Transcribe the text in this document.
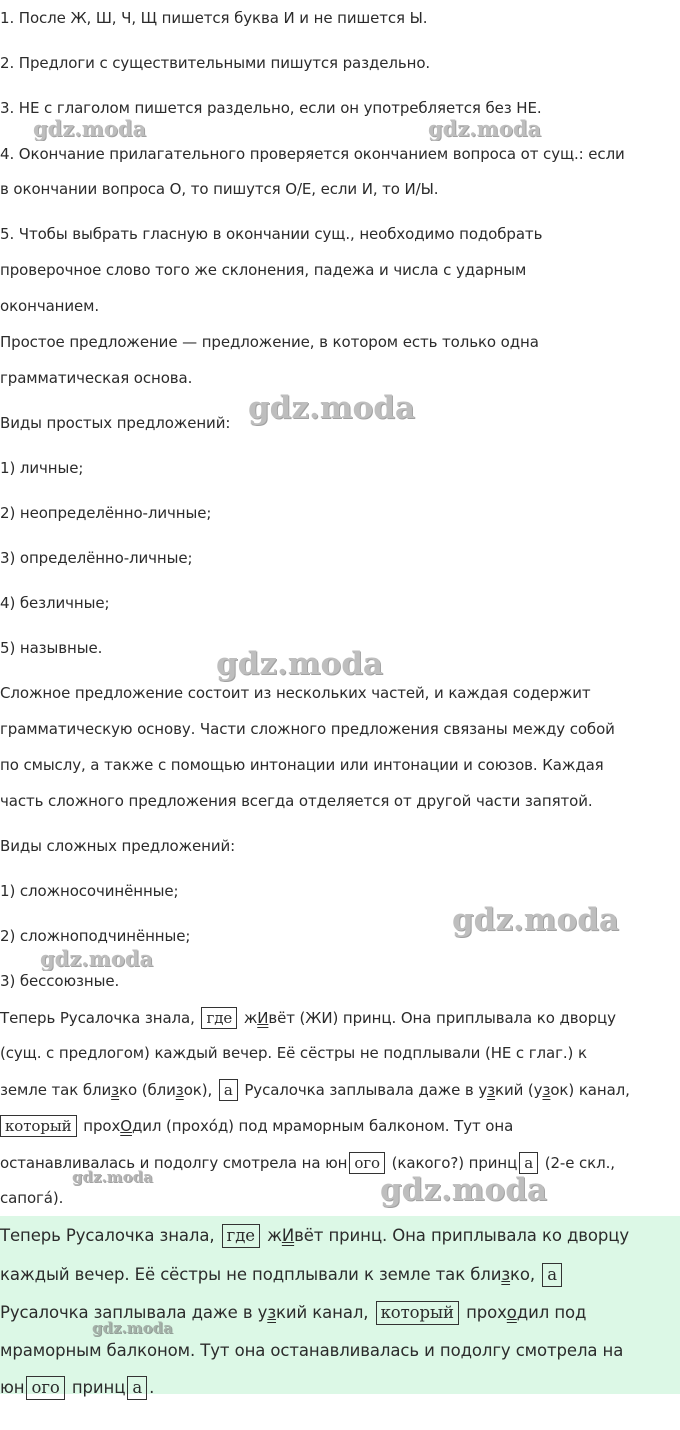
1. После Ж, Ш, Ч, Щ пишется буква И и не пишется Ы.
2. Предлоги с существительными пишутся раздельно.
3. НЕ с глаголом пишется раздельно, если он употребляется без НЕ.
4. Окончание прилагательного проверяется окончанием вопроса от сущ.: если
в окончании вопроса О, то пишутся О/Е, если И, то И/Ы.
5. Чтобы выбрать гласную в окончании сущ., необходимо подобрать
проверочное слово того же склонения, падежа и числа с ударным
окончанием.
Простое предложение — предложение, в котором есть только одна
грамматическая основа.
Виды простых предложений:
1) личные;
2) неопределённо-личные;
3) определённо-личные;
4) безличные;
5) назывные.
Сложное предложение состоит из нескольких частей, и каждая содержит
грамматическую основу. Части сложного предложения связаны между собой
по смыслу, а также с помощью интонации или интонации и союзов. Каждая
часть сложного предложения всегда отделяется от другой части запятой.
Виды сложных предложений:
1) сложносочинённые;
2) сложноподчинённые;
3) бессоюзные.
Теперь Русалочка знала, где жИвёт (ЖИ) принц. Она приплывала ко дворцу
(сущ. с предлогом) каждый вечер. Её сёстры не подплывали (НЕ с глаг.) к
земле так близко (близок), а Русалочка заплывала даже в узкий (узок) канал,
который прохОдил (прохо́д) под мраморным балконом. Тут она
останавливалась и подолгу смотрела на юн ого (какого?) принц а (2-е скл.,
сапога́).
Теперь Русалочка знала, где жИвёт принц. Она приплывала ко дворцу
каждый вечер. Её сёстры не подплывали к земле так близко, а
Русалочка заплывала даже в узкий канал, который проходил под
мраморным балконом. Тут она останавливалась и подолгу смотрела на
юн ого принц а .
gdz.moda	gdz.moda
gdz.moda
gdz.moda
gdz.moda
gdz.moda
gdz.moda	gdz.moda
gdz.moda
